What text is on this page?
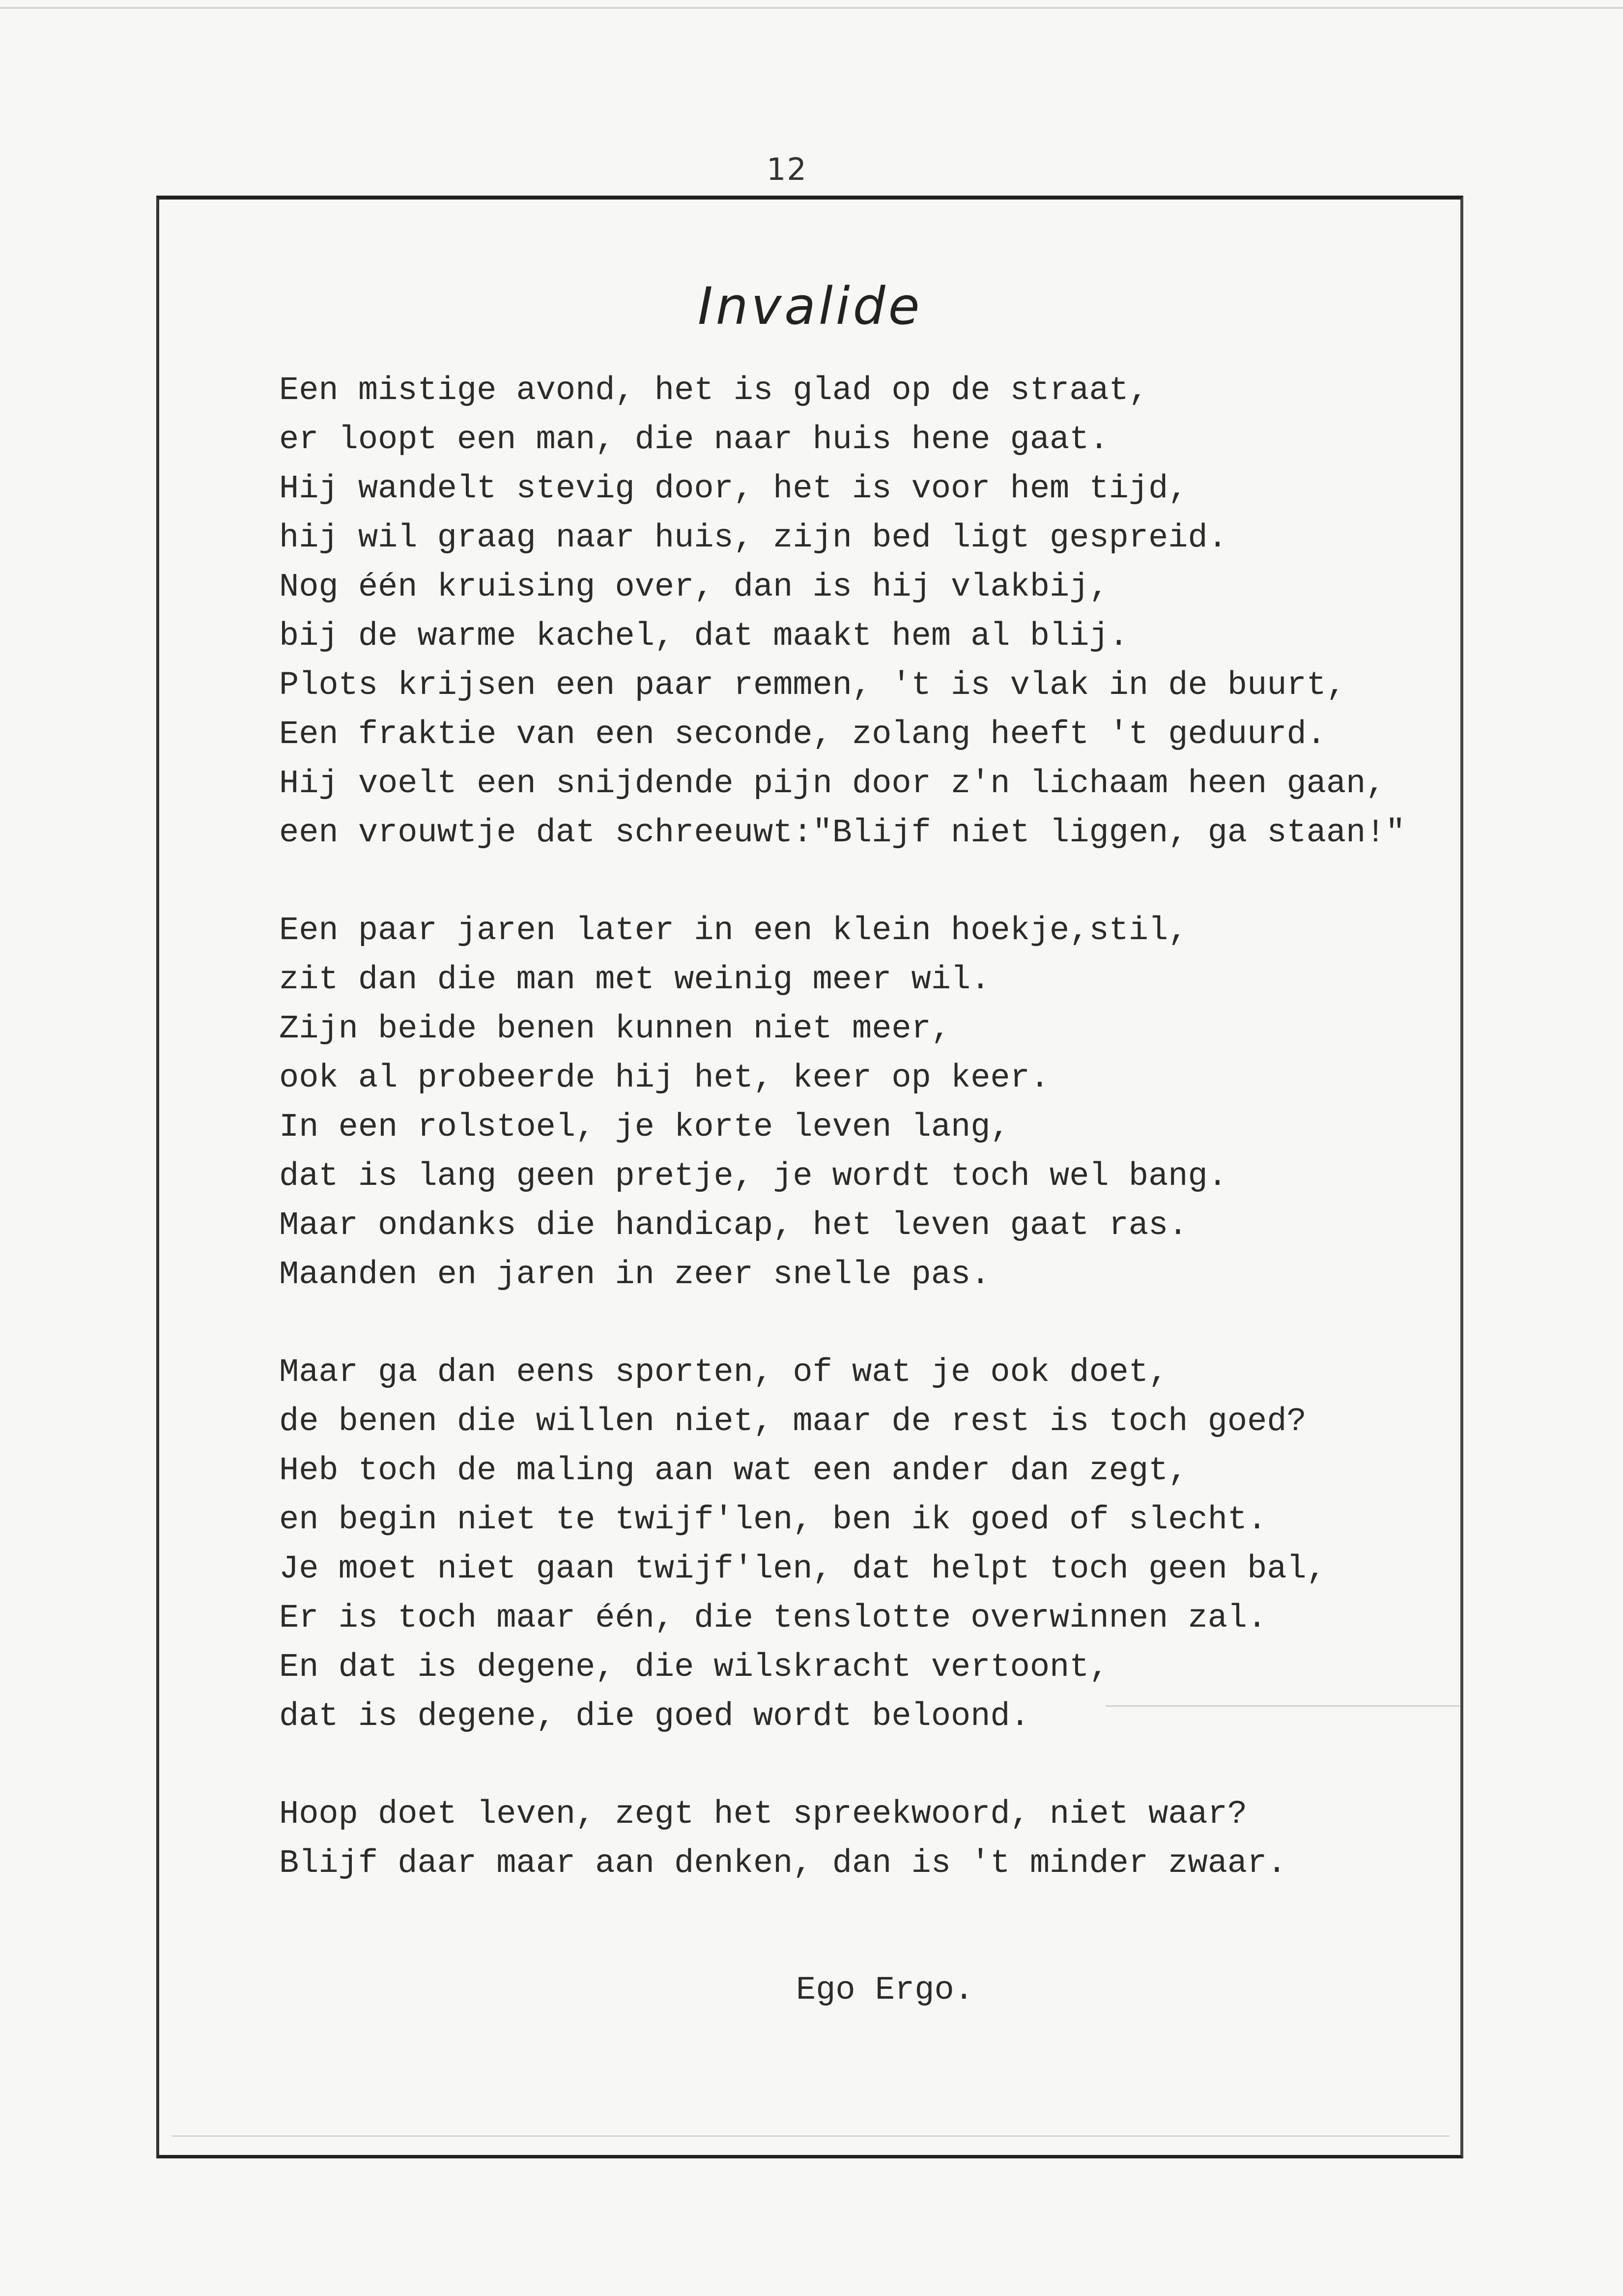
12
Invalide
Een mistige avond, het is glad op de straat,
er loopt een man, die naar huis hene gaat.
Hij wandelt stevig door, het is voor hem tijd,
hij wil graag naar huis, zijn bed ligt gespreid.
Nog één kruising over, dan is hij vlakbij,
bij de warme kachel, dat maakt hem al blij.
Plots krijsen een paar remmen, 't is vlak in de buurt,
Een fraktie van een seconde, zolang heeft 't geduurd.
Hij voelt een snijdende pijn door z'n lichaam heen gaan,
een vrouwtje dat schreeuwt:"Blijf niet liggen, ga staan!"
Een paar jaren later in een klein hoekje,stil,
zit dan die man met weinig meer wil.
Zijn beide benen kunnen niet meer,
ook al probeerde hij het, keer op keer.
In een rolstoel, je korte leven lang,
dat is lang geen pretje, je wordt toch wel bang.
Maar ondanks die handicap, het leven gaat ras.
Maanden en jaren in zeer snelle pas.
Maar ga dan eens sporten, of wat je ook doet,
de benen die willen niet, maar de rest is toch goed?
Heb toch de maling aan wat een ander dan zegt,
en begin niet te twijf'len, ben ik goed of slecht.
Je moet niet gaan twijf'len, dat helpt toch geen bal,
Er is toch maar één, die tenslotte overwinnen zal.
En dat is degene, die wilskracht vertoont,
dat is degene, die goed wordt beloond.
Hoop doet leven, zegt het spreekwoord, niet waar?
Blijf daar maar aan denken, dan is 't minder zwaar.
Ego Ergo.
